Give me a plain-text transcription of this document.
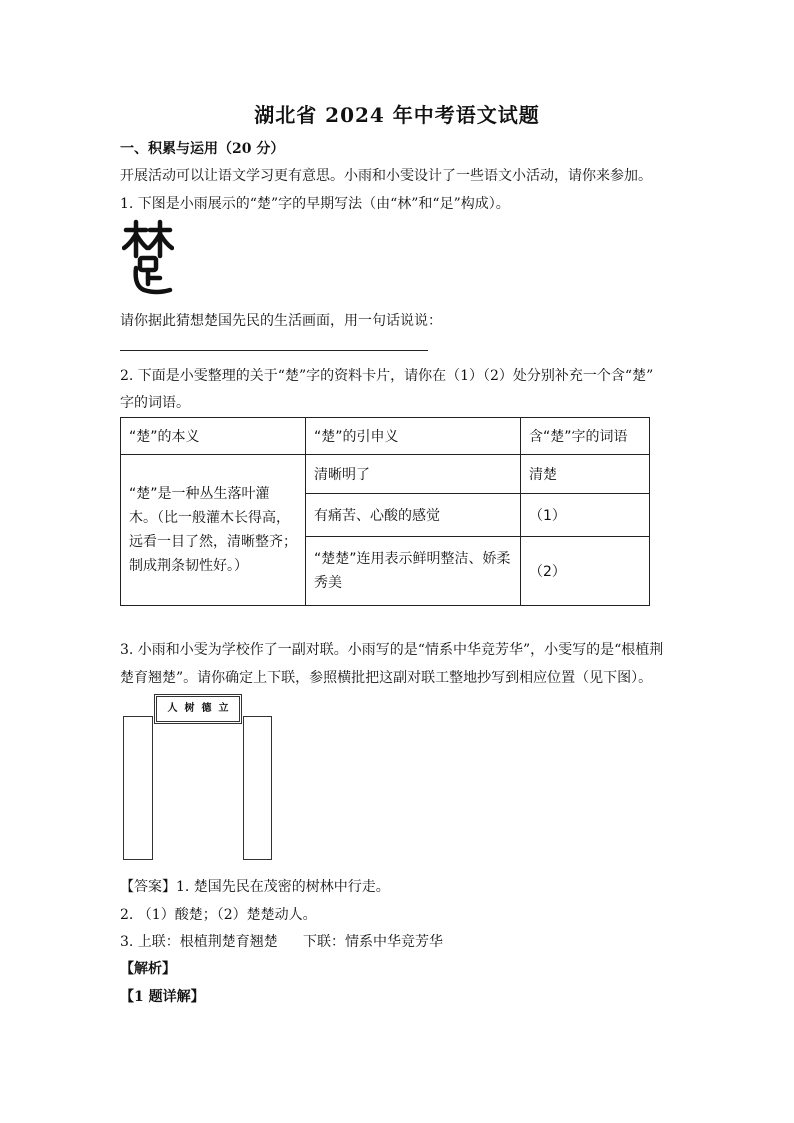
湖北省 2024 年中考语文试题
一、积累与运用（20 分）
开展活动可以让语文学习更有意思。小雨和小雯设计了一些语文小活动，请你来参加。
1. 下图是小雨展示的“楚”字的早期写法（由“林”和“足”构成）。
请你据此猜想楚国先民的生活画面，用一句话说说：
2. 下面是小雯整理的关于“楚”字的资料卡片，请你在（1）（2）处分别补充一个含“楚”
字的词语。
“楚”的本义	“楚”的引申义	含“楚”字的词语
“楚”是一种丛生落叶灌木。（比一般灌木长得高，远看一目了然，清晰整齐；制成荆条韧性好。）	清晰明了	清楚
	有痛苦、心酸的感觉	（1）
	“楚楚”连用表示鲜明整洁、娇柔秀美	（2）
3. 小雨和小雯为学校作了一副对联。小雨写的是“情系中华竞芳华”，小雯写的是“根植荆
楚育翘楚”。请你确定上下联，参照横批把这副对联工整地抄写到相应位置（见下图）。
人树德立
【答案】1. 楚国先民在茂密的树林中行走。
2. （1）酸楚；（2）楚楚动人。
3. 上联：根植荆楚育翘楚 下联：情系中华竞芳华
【解析】
【1 题详解】
